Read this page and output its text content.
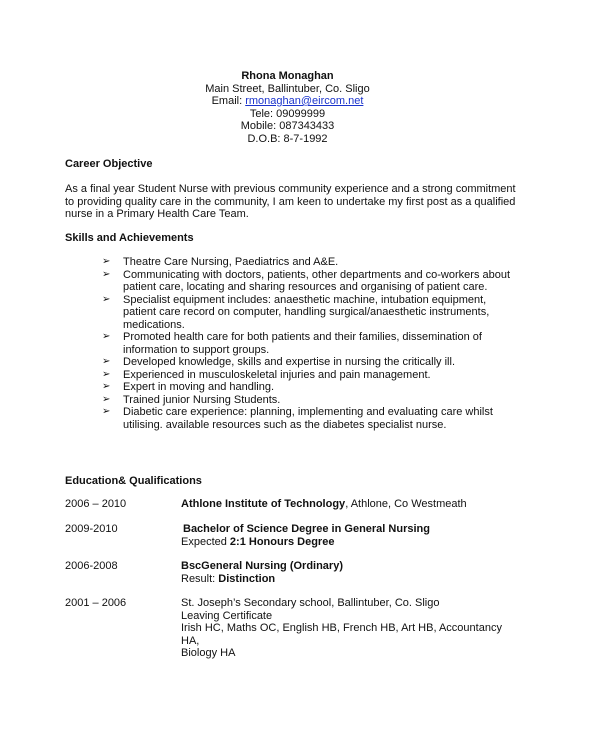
Rhona Monaghan
Main Street, Ballintuber, Co. Sligo
Email: rmonaghan@eircom.net
Tele: 09099999
Mobile: 087343433
D.O.B: 8-7-1992
Career Objective
As a final year Student Nurse with previous community experience and a strong commitment
to providing quality care in the community, I am keen to undertake my first post as a qualified
nurse in a Primary Health Care Team.
Skills and Achievements
➢ Theatre Care Nursing, Paediatrics and A&E.
➢ Communicating with doctors, patients, other departments and co-workers about
patient care, locating and sharing resources and organising of patient care.
➢ Specialist equipment includes: anaesthetic machine, intubation equipment,
patient care record on computer, handling surgical/anaesthetic instruments,
medications.
➢ Promoted health care for both patients and their families, dissemination of
information to support groups.
➢ Developed knowledge, skills and expertise in nursing the critically ill.
➢ Experienced in musculoskeletal injuries and pain management.
➢ Expert in moving and handling.
➢ Trained junior Nursing Students.
➢ Diabetic care experience: planning, implementing and evaluating care whilst
utilising. available resources such as the diabetes specialist nurse.
Education& Qualifications
2006 – 2010	Athlone Institute of Technology, Athlone, Co Westmeath
2009-2010	Bachelor of Science Degree in General Nursing
Expected 2:1 Honours Degree
2006-2008	BscGeneral Nursing (Ordinary)
Result: Distinction
2001 – 2006	St. Joseph’s Secondary school, Ballintuber, Co. Sligo
Leaving Certificate
Irish HC, Maths OC, English HB, French HB, Art HB, Accountancy
HA,
Biology HA
